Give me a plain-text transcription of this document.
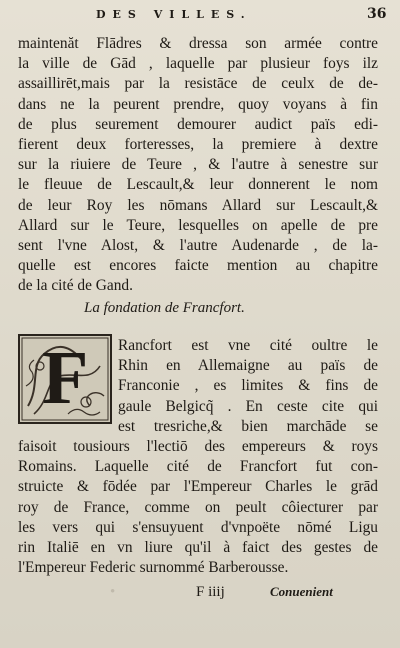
•
DES VILLES.	36
maintenăt Flādres & dressa son armée contre
la ville de Gād , laquelle par plusieur foys ilz
assaillirēt,mais par la resistāce de ceulx de de-
dans ne la peurent prendre, quoy voyans à fin
de plus seurement demourer audict païs edi-
fierent deux forteresses, la premiere à dextre
sur la riuiere de Teure , & l'autre à senestre sur
le fleuue de Lescault,& leur donnerent le nom
de leur Roy les nōmans Allard sur Lescault,&
Allard sur le Teure, lesquelles on apelle de pre
sent l'vne Alost, & l'autre Audenarde , de la-
quelle est encores faicte mention au chapitre
de la cité de Gand.
La fondation de Francfort.
F Rancfort est vne cité oultre le
Rhin en Allemaigne au païs de
Franconie , es limites & fins de
gaule Belgicq̃ . En ceste cite qui
est tresriche,& bien marchāde se
faisoit tousiours l'lectiō des empereurs & roys
Romains. Laquelle cité de Francfort fut con-
struicte & fōdée par l'Empereur Charles le grād
roy de France, comme on peult côiecturer par
les vers qui s'ensuyuent d'vnpoëte nōmé Ligu
rin Italiē en vn liure qu'il à faict des gestes de
l'Empereur Federic surnommé Barberousse.
F iiij	Conuenient
